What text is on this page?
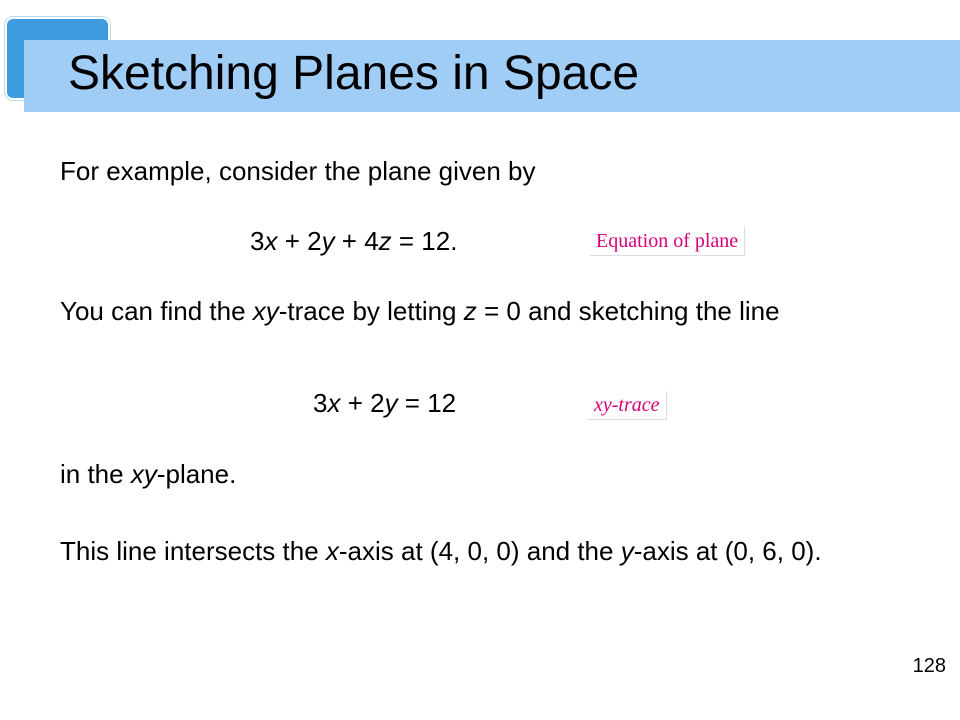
Sketching Planes in Space

For example, consider the plane given by

3x + 2y + 4z = 12.	Equation of plane

You can find the xy-trace by letting z = 0 and sketching the line

3x + 2y = 12	xy-trace

in the xy-plane.

This line intersects the x-axis at (4, 0, 0) and the y-axis at (0, 6, 0).

128
